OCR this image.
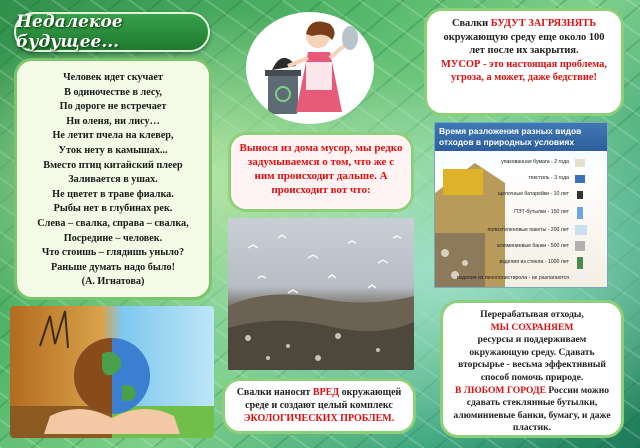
Недалекое будущее...
Человек идет скучает
В одиночестве в лесу,
По дороге не встречает
Ни оленя, ни лису…
Не летит пчела на клевер,
Уток нету в камышах...
Вместо птиц китайский плеер
Заливается в ушах.
Не цветет в траве фиалка.
Рыбы нет в глубинах рек.
Слева – свалка, справа – свалка,
Посредине – человек.
Что стоишь – глядишь уныло?
Раньше думать надо было!
(А. Игнатова)
Вынося из дома мусор, мы редко задумываемся о том, что же с ним происходит дальше. А происходит вот что:
Свалки наносят ВРЕД окружающей среде и создают целый комплекс ЭКОЛОГИЧЕСКИХ ПРОБЛЕМ.
Свалки БУДУТ ЗАГРЯЗНЯТЬ окружающую среду еще около 100 лет после их закрытия.
МУСОР - это настоящая проблема, угроза, а может, даже бедствие!
Время разложения разных видов отходов в природных условиях
упакованная бумага - 2 года
текстиль - 3 года
щелочные батарейки - 10 лет
ПЭТ-бутылки - 150 лет
полиэтиленовые пакеты - 200 лет
алюминиевые банки - 500 лет
изделия из стекла - 1000 лет
изделия из пенополистирола - не разлагаются
Перерабатывая отходы,
МЫ СОХРАНЯЕМ
ресурсы и поддерживаем окружающую среду. Сдавать вторсырье - весьма эффективный способ помочь природе.
В ЛЮБОМ ГОРОДЕ России можно сдавать стеклянные бутылки, алюминиевые банки, бумагу, и даже пластик.
